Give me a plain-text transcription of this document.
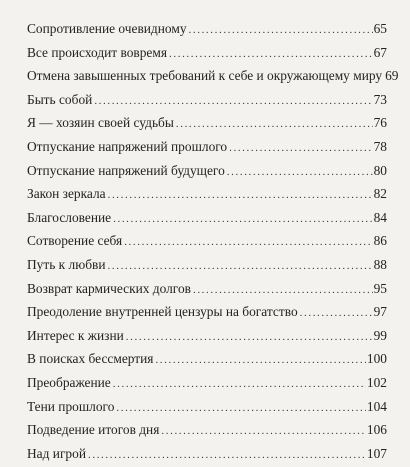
Сопротивление очевидному .....	65
Все происходит вовремя .....	67
Отмена завышенных требований к себе и окружающему миру 69
Быть собой .....	73
Я — хозяин своей судьбы .....	76
Отпускание напряжений прошлого .....	78
Отпускание напряжений будущего .....	80
Закон зеркала .....	82
Благословение .....	84
Сотворение себя .....	86
Путь к любви .....	88
Возврат кармических долгов .....	95
Преодоление внутренней цензуры на богатство .....	97
Интерес к жизни .....	99
В поисках бессмертия .....	100
Преображение .....	102
Тени прошлого .....	104
Подведение итогов дня .....	106
Над игрой .....	107
